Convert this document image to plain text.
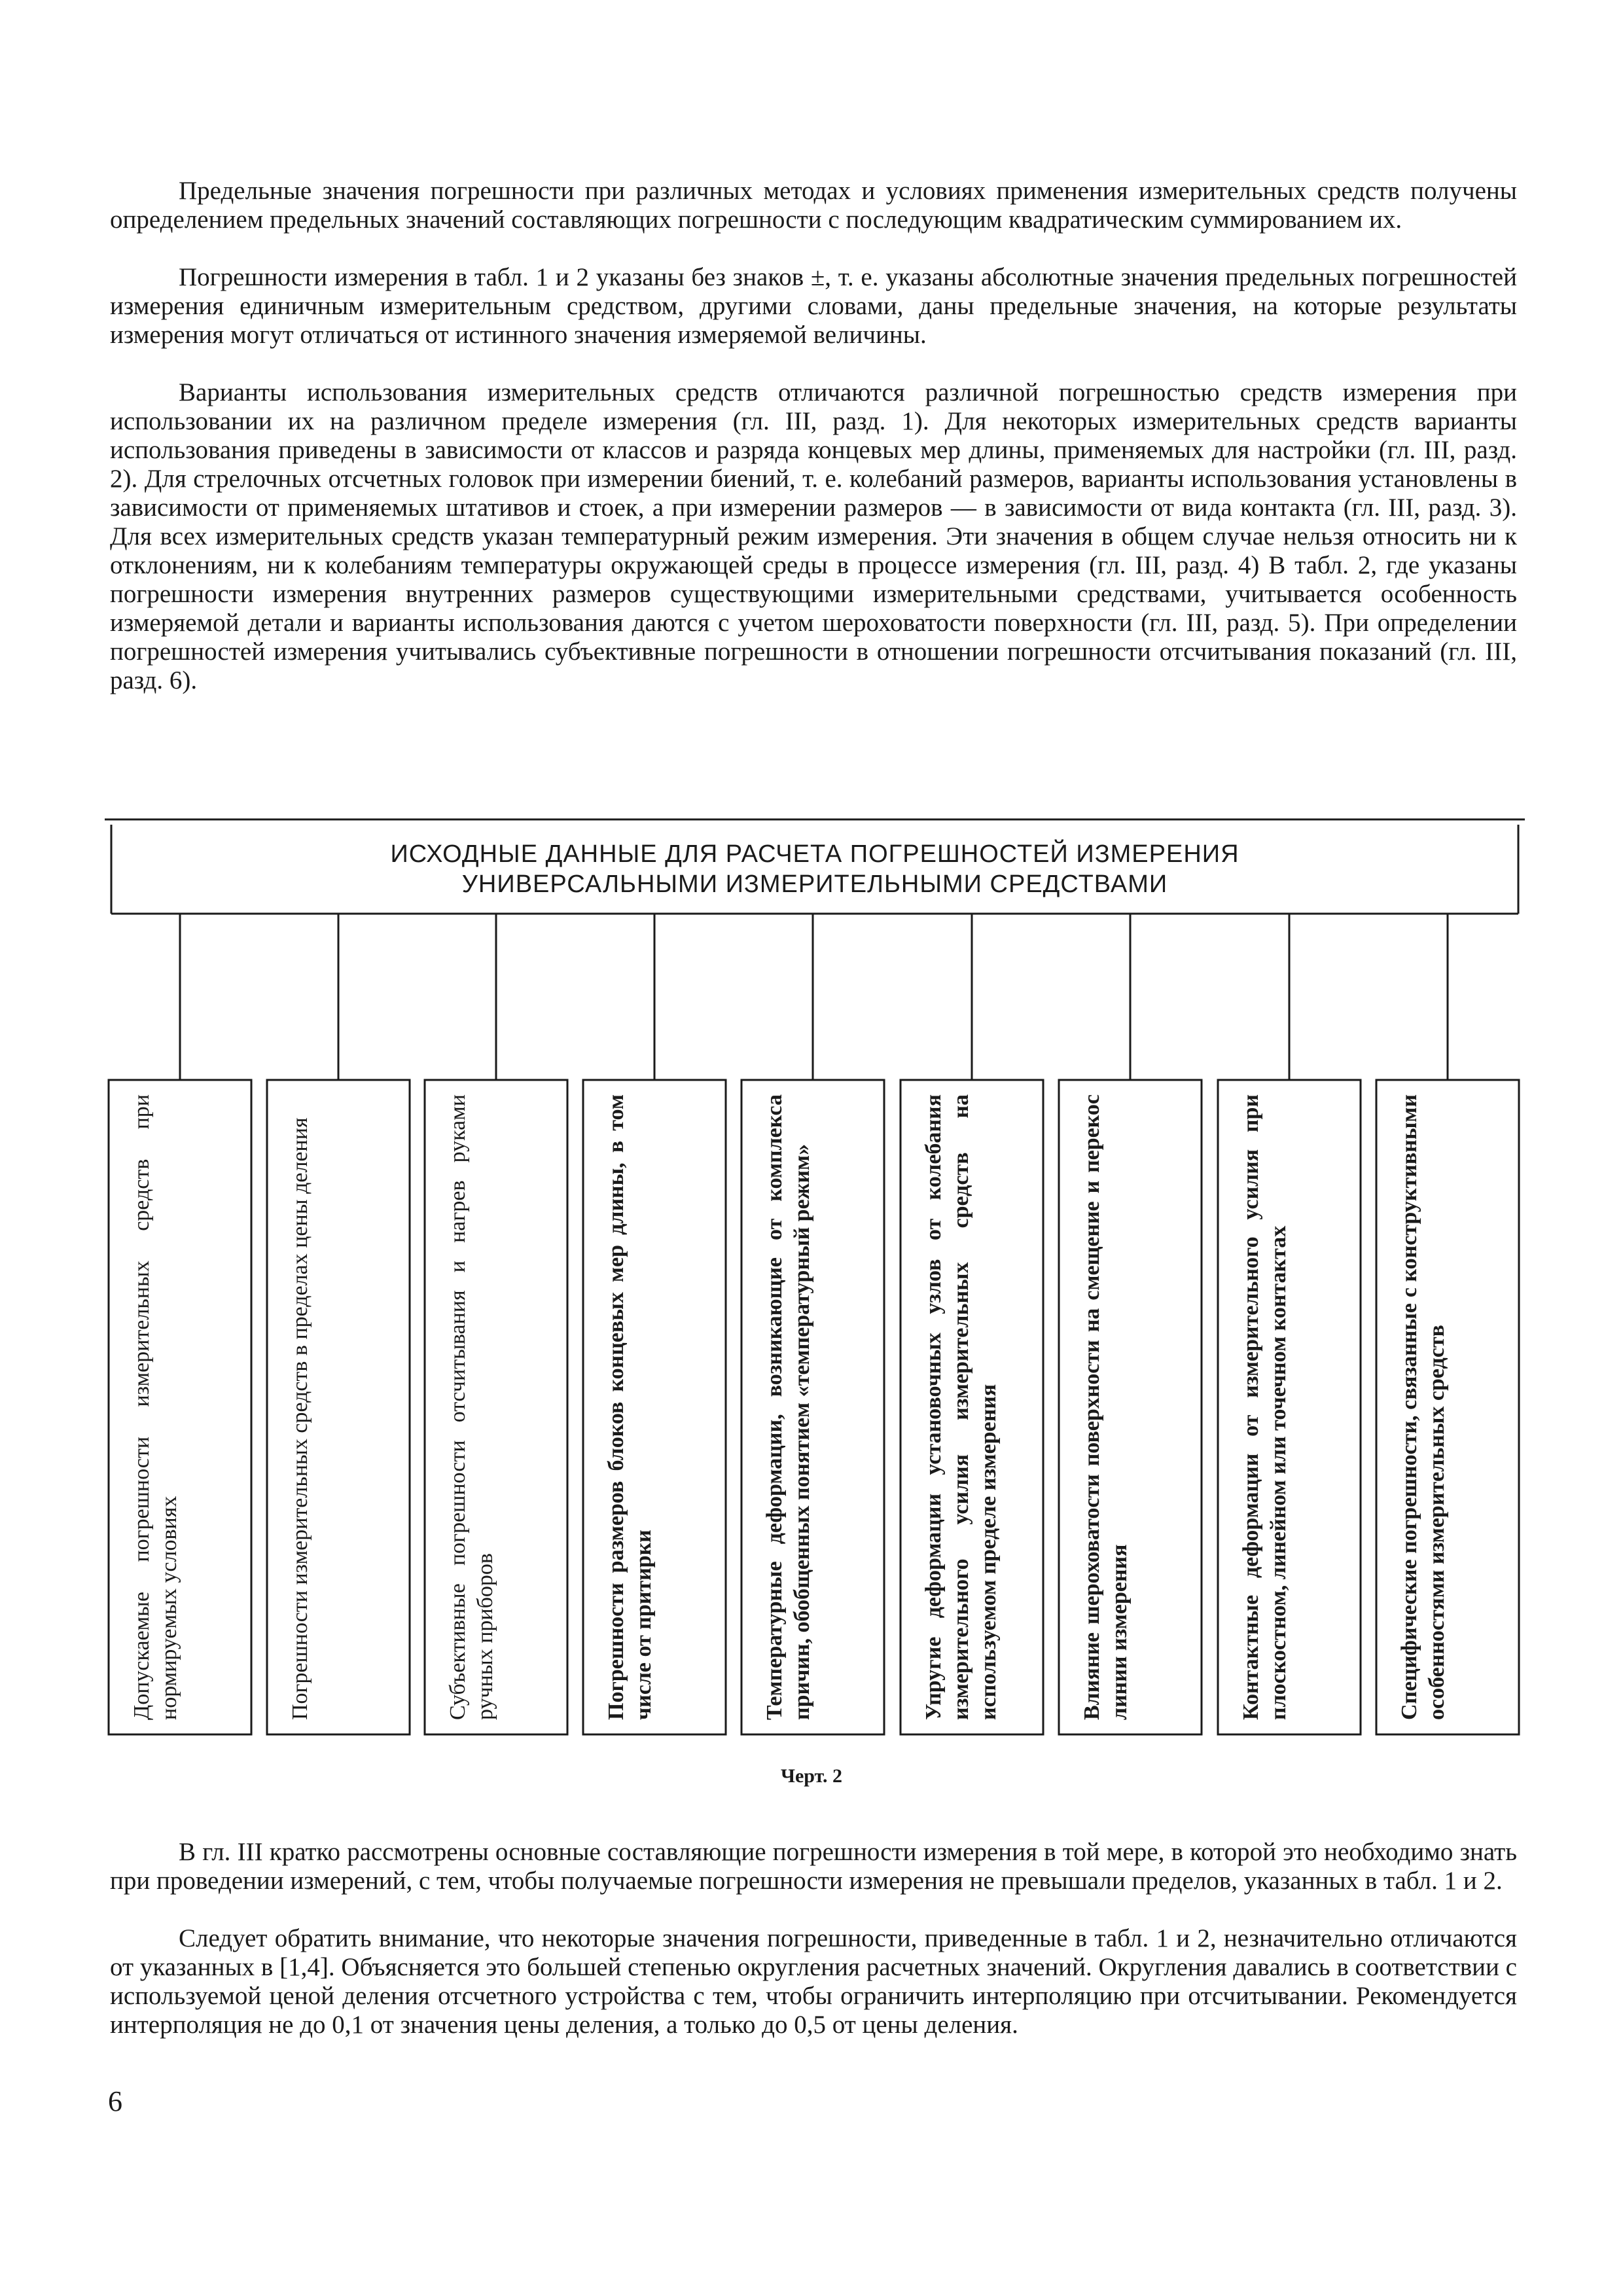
Предельные значения погрешности при различных методах и условиях применения измерительных средств получены определением предельных значений составляющих погрешности с последующим квадратическим суммированием их.

Погрешности измерения в табл. 1 и 2 указаны без знаков ±, т. е. указаны абсолютные значения предельных погрешностей измерения единичным измерительным средством, другими словами, даны предельные значения, на которые результаты измерения могут отличаться от истинного значения измеряемой величины.

Варианты использования измерительных средств отличаются различной погрешностью средств измерения при использовании их на различном пределе измерения (гл. III, разд. 1). Для некоторых измерительных средств варианты использования приведены в зависимости от классов и разряда концевых мер длины, применяемых для настройки (гл. III, разд. 2). Для стрелочных отсчетных головок при измерении биений, т. е. колебаний размеров, варианты использования установлены в зависимости от применяемых штативов и стоек, а при измерении размеров — в зависимости от вида контакта (гл. III, разд. 3). Для всех измерительных средств указан температурный режим измерения. Эти значения в общем случае нельзя относить ни к отклонениям, ни к колебаниям температуры окружающей среды в процессе измерения (гл. III, разд. 4) В табл. 2, где указаны погрешности измерения внутренних размеров существующими измерительными средствами, учитывается особенность измеряемой детали и варианты использования даются с учетом шероховатости поверхности (гл. III, разд. 5). При определении погрешностей измерения учитывались субъективные погрешности в отношении погрешности отсчитывания показаний (гл. III, разд. 6).

ИСХОДНЫЕ ДАННЫЕ ДЛЯ РАСЧЕТА ПОГРЕШНОСТЕЙ ИЗМЕРЕНИЯ
УНИВЕРСАЛЬНЫМИ ИЗМЕРИТЕЛЬНЫМИ СРЕДСТВАМИ
Допускаемые погрешности измерительных средств при нормируемых условиях	Погрешности измерительных средств в пределах цены деления	Субъективные погрешности отсчитывания и нагрев руками ручных приборов	Погрешности размеров блоков концевых мер длины, в том числе от притирки	Температурные деформации, возникающие от комплекса причин, обобщенных понятием «температурный режим»	Упругие деформации установочных узлов от колебания измерительного усилия измерительных средств на используемом пределе измерения	Влияние шероховатости поверхности на смещение и перекос линии измерения	Контактные деформации от измерительного усилия при плоскостном, линейном или точечном контактах	Специфические погрешности, связанные с конструктивными особенностями измерительных средств
Черт. 2

В гл. III кратко рассмотрены основные составляющие погрешности измерения в той мере, в которой это необходимо знать при проведении измерений, с тем, чтобы получаемые погрешности измерения не превышали пределов, указанных в табл. 1 и 2.

Следует обратить внимание, что некоторые значения погрешности, приведенные в табл. 1 и 2, незначительно отличаются от указанных в [1,4]. Объясняется это большей степенью округления расчетных значений. Округления давались в соответствии с используемой ценой деления отсчетного устройства с тем, чтобы ограничить интерполяцию при отсчитывании. Рекомендуется интерполяция не до 0,1 от значения цены деления, а только до 0,5 от цены деления.

6
